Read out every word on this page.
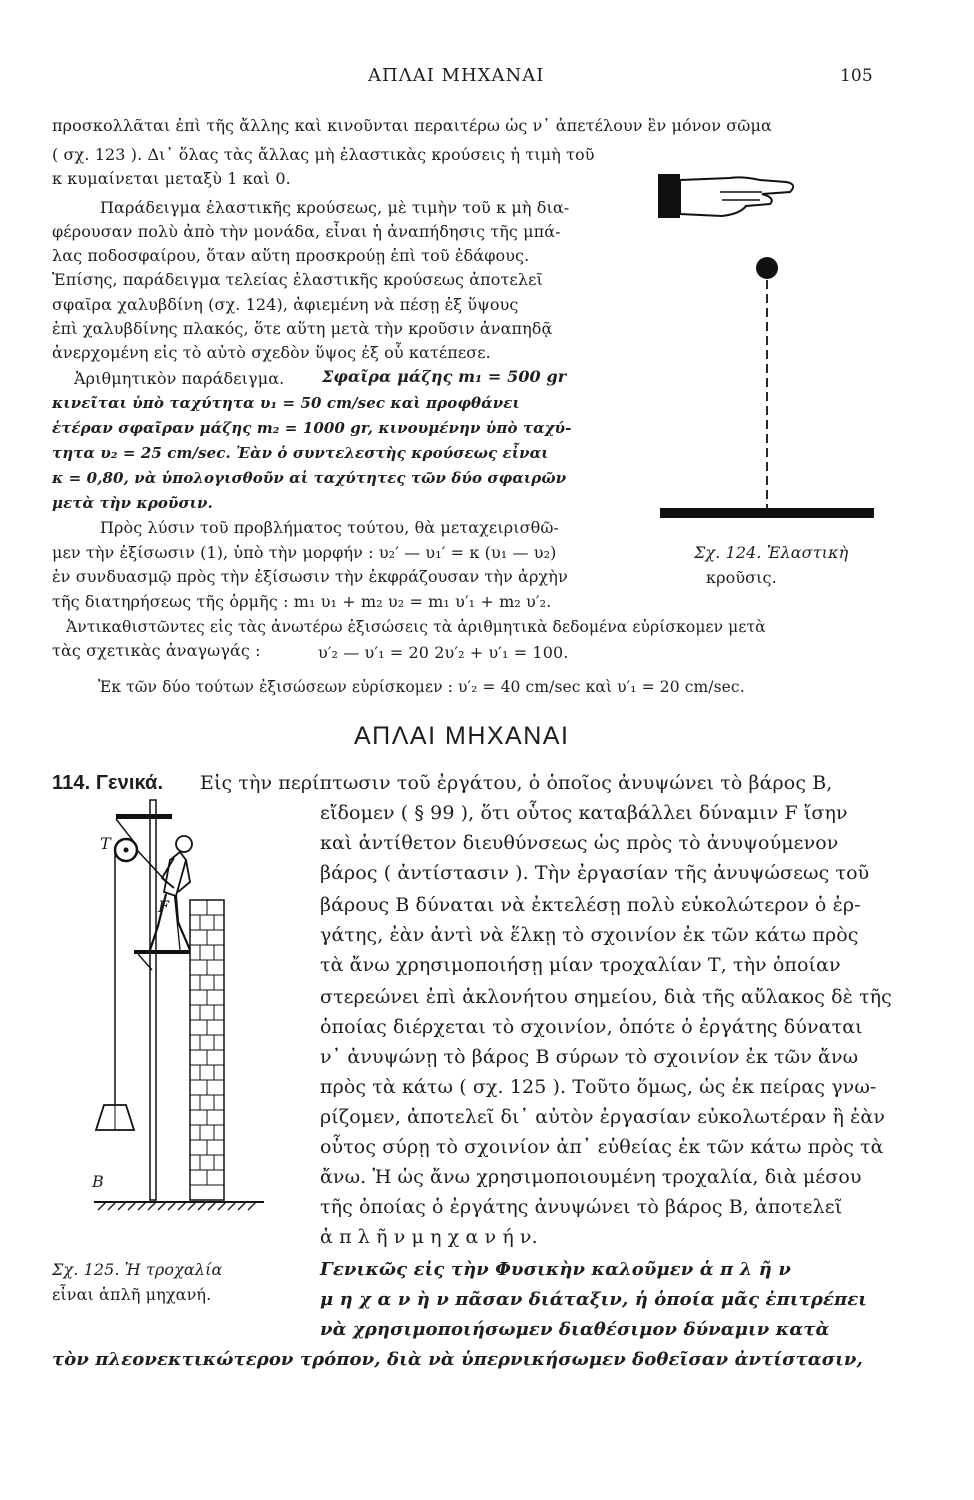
ΑΠΛΑΙ ΜΗΧΑΝΑΙ	105
προσκολλᾶται ἐπὶ τῆς ἄλλης καὶ κινοῦνται περαιτέρω ὡς ν᾿ ἀπετέλουν ἓν μόνον σῶμα
( σχ. 123 ). Δι᾿ ὅλας τὰς ἄλλας μὴ ἐλαστικὰς κρούσεις ἡ τιμὴ τοῦ
κ κυμαίνεται μεταξὺ 1 καὶ 0.
Παράδειγμα ἐλαστικῆς κρούσεως, μὲ τιμὴν τοῦ κ μὴ δια-
φέρουσαν πολὺ ἀπὸ τὴν μονάδα, εἶναι ἡ ἀναπήδησις τῆς μπά-
λας ποδοσφαίρου, ὅταν αὕτη προσκρούῃ ἐπὶ τοῦ ἐδάφους.
Ἐπίσης, παράδειγμα τελείας ἐλαστικῆς κρούσεως ἀποτελεῖ
σφαῖρα χαλυβδίνη (σχ. 124), ἀφιεμένη νὰ πέσῃ ἐξ ὕψους
ἐπὶ χαλυβδίνης πλακός, ὅτε αὕτη μετὰ τὴν κροῦσιν ἀναπηδᾷ
ἀνερχομένη εἰς τὸ αὐτὸ σχεδὸν ὕψος ἐξ οὗ κατέπεσε.
Ἀριθμητικὸν παράδειγμα. Σφαῖρα μάζης m₁ = 500 gr
κινεῖται ὑπὸ ταχύτητα υ₁ = 50 cm/sec καὶ προφθάνει
ἑτέραν σφαῖραν μάζης m₂ = 1000 gr, κινουμένην ὑπὸ ταχύ-
τητα υ₂ = 25 cm/sec. Ἐὰν ὁ συντελεστὴς κρούσεως εἶναι
κ = 0,80, νὰ ὑπολογισθοῦν αἱ ταχύτητες τῶν δύο σφαιρῶν
μετὰ τὴν κροῦσιν.
Πρὸς λύσιν τοῦ προβλήματος τούτου, θὰ μεταχειρισθῶ-
μεν τὴν ἐξίσωσιν (1), ὑπὸ τὴν μορφήν : υ₂′ — υ₁′ = κ (υ₁ — υ₂)
ἐν συνδυασμῷ πρὸς τὴν ἐξίσωσιν τὴν ἐκφράζουσαν τὴν ἀρχὴν
τῆς διατηρήσεως τῆς ὁρμῆς : m₁ υ₁ + m₂ υ₂ = m₁ υ′₁ + m₂ υ′₂.
Ἀντικαθιστῶντες εἰς τὰς ἀνωτέρω ἐξισώσεις τὰ ἀριθμητικὰ δεδομένα εὑρίσκομεν μετὰ
τὰς σχετικὰς ἀναγωγάς :	υ′₂ — υ′₁ = 20 2υ′₂ + υ′₁ = 100.
Ἐκ τῶν δύο τούτων ἐξισώσεων εὑρίσκομεν : υ′₂ = 40 cm/sec καὶ υ′₁ = 20 cm/sec.
Σχ. 124. Ἐλαστικὴ
κροῦσις.
ΑΠΛΑΙ ΜΗΧΑΝΑΙ
114. Γενικά. Εἰς τὴν περίπτωσιν τοῦ ἐργάτου, ὁ ὁποῖος ἀνυψώνει τὸ βάρος Β,
εἴδομεν ( § 99 ), ὅτι οὗτος καταβάλλει δύναμιν F ἴσην
καὶ ἀντίθετον διευθύνσεως ὡς πρὸς τὸ ἀνυψούμενον
βάρος ( ἀντίστασιν ). Τὴν ἐργασίαν τῆς ἀνυψώσεως τοῦ
βάρους Β δύναται νὰ ἐκτελέσῃ πολὺ εὐκολώτερον ὁ ἐρ-
γάτης, ἐὰν ἀντὶ νὰ ἕλκῃ τὸ σχοινίον ἐκ τῶν κάτω πρὸς
τὰ ἄνω χρησιμοποιήσῃ μίαν τροχαλίαν Τ, τὴν ὁποίαν
στερεώνει ἐπὶ ἀκλονήτου σημείου, διὰ τῆς αὔλακος δὲ τῆς
ὁποίας διέρχεται τὸ σχοινίον, ὁπότε ὁ ἐργάτης δύναται
ν᾿ ἀνυψώνῃ τὸ βάρος Β σύρων τὸ σχοινίον ἐκ τῶν ἄνω
πρὸς τὰ κάτω ( σχ. 125 ). Τοῦτο ὅμως, ὡς ἐκ πείρας γνω-
ρίζομεν, ἀποτελεῖ δι᾿ αὐτὸν ἐργασίαν εὐκολωτέραν ἢ ἐὰν
οὗτος σύρῃ τὸ σχοινίον ἀπ᾿ εὐθείας ἐκ τῶν κάτω πρὸς τὰ
ἄνω. Ἡ ὡς ἄνω χρησιμοποιουμένη τροχαλία, διὰ μέσου
τῆς ὁποίας ὁ ἐργάτης ἀνυψώνει τὸ βάρος Β, ἀποτελεῖ
ἁ π λ ῆ ν μ η χ α ν ή ν.
T
F
B
Σχ. 125. Ἡ τροχαλία
εἶναι ἁπλῆ μηχανή.
Γενικῶς εἰς τὴν Φυσικὴν καλοῦμεν ἁ π λ ῆ ν
μ η χ α ν ὴ ν πᾶσαν διάταξιν, ἡ ὁποία μᾶς ἐπιτρέπει
νὰ χρησιμοποιήσωμεν διαθέσιμον δύναμιν κατὰ
τὸν πλεονεκτικώτερον τρόπον, διὰ νὰ ὑπερνικήσωμεν δοθεῖσαν ἀντίστασιν,
